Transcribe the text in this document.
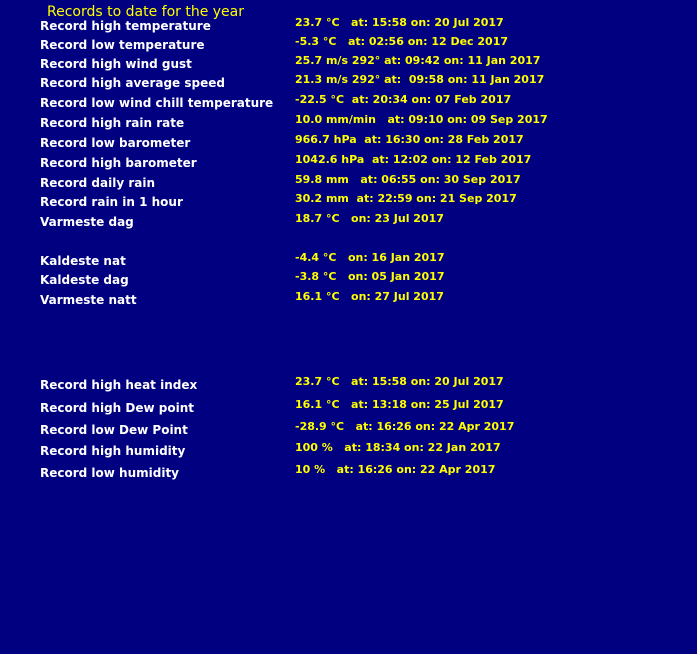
Records to date for the year
Record high temperature	23.7 °C   at: 15:58 on: 20 Jul 2017
Record low temperature	-5.3 °C   at: 02:56 on: 12 Dec 2017
Record high wind gust	25.7 m/s 292° at: 09:42 on: 11 Jan 2017
Record high average speed	21.3 m/s 292° at:  09:58 on: 11 Jan 2017
Record low wind chill temperature -22.5 °C  at: 20:34 on: 07 Feb 2017
Record high rain rate	10.0 mm/min   at: 09:10 on: 09 Sep 2017
Record low barometer	966.7 hPa  at: 16:30 on: 28 Feb 2017
Record high barometer	1042.6 hPa  at: 12:02 on: 12 Feb 2017
Record daily rain	59.8 mm   at: 06:55 on: 30 Sep 2017
Record rain in 1 hour	30.2 mm  at: 22:59 on: 21 Sep 2017
Varmeste dag	18.7 °C   on: 23 Jul 2017
Kaldeste nat	-4.4 °C   on: 16 Jan 2017
Kaldeste dag	-3.8 °C   on: 05 Jan 2017
Varmeste natt	16.1 °C   on: 27 Jul 2017
Record high heat index	23.7 °C   at: 15:58 on: 20 Jul 2017
Record high Dew point	16.1 °C   at: 13:18 on: 25 Jul 2017
Record low Dew Point	-28.9 °C   at: 16:26 on: 22 Apr 2017
Record high humidity	100 %   at: 18:34 on: 22 Jan 2017
Record low humidity	10 %   at: 16:26 on: 22 Apr 2017
